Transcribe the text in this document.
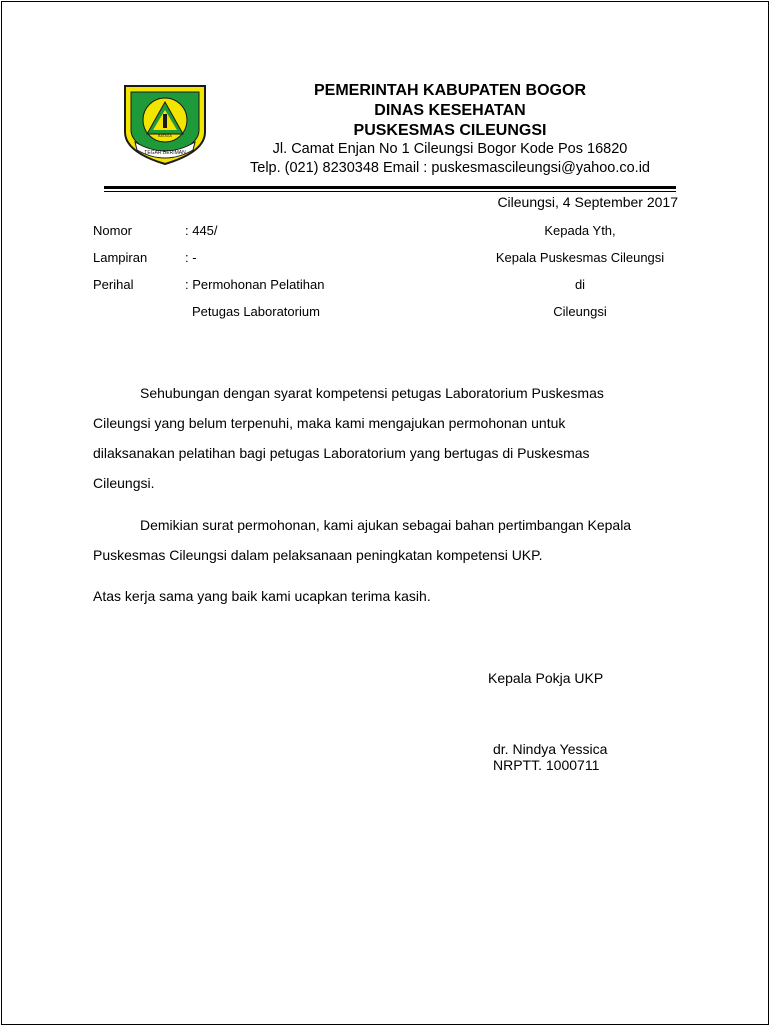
TEGAR BERIMAN
BATAGA
PEMERINTAH KABUPATEN BOGOR
DINAS KESEHATAN
PUSKESMAS CILEUNGSI
Jl. Camat Enjan No 1 Cileungsi Bogor Kode Pos 16820
Telp. (021) 8230348 Email : puskesmascileungsi@yahoo.co.id
Cileungsi, 4 September 2017
Nomor	: 445/
Lampiran	: -
Perihal	: Permohonan Pelatihan
Petugas Laboratorium
Kepada Yth,
Kepala Puskesmas Cileungsi
di
Cileungsi
Sehubungan dengan syarat kompetensi petugas Laboratorium Puskesmas
Cileungsi yang belum terpenuhi, maka kami mengajukan permohonan untuk
dilaksanakan pelatihan bagi petugas Laboratorium yang bertugas di Puskesmas
Cileungsi.
Demikian surat permohonan, kami ajukan sebagai bahan pertimbangan Kepala
Puskesmas Cileungsi dalam pelaksanaan peningkatan kompetensi UKP.
Atas kerja sama yang baik kami ucapkan terima kasih.
Kepala Pokja UKP
dr. Nindya Yessica
NRPTT. 1000711
